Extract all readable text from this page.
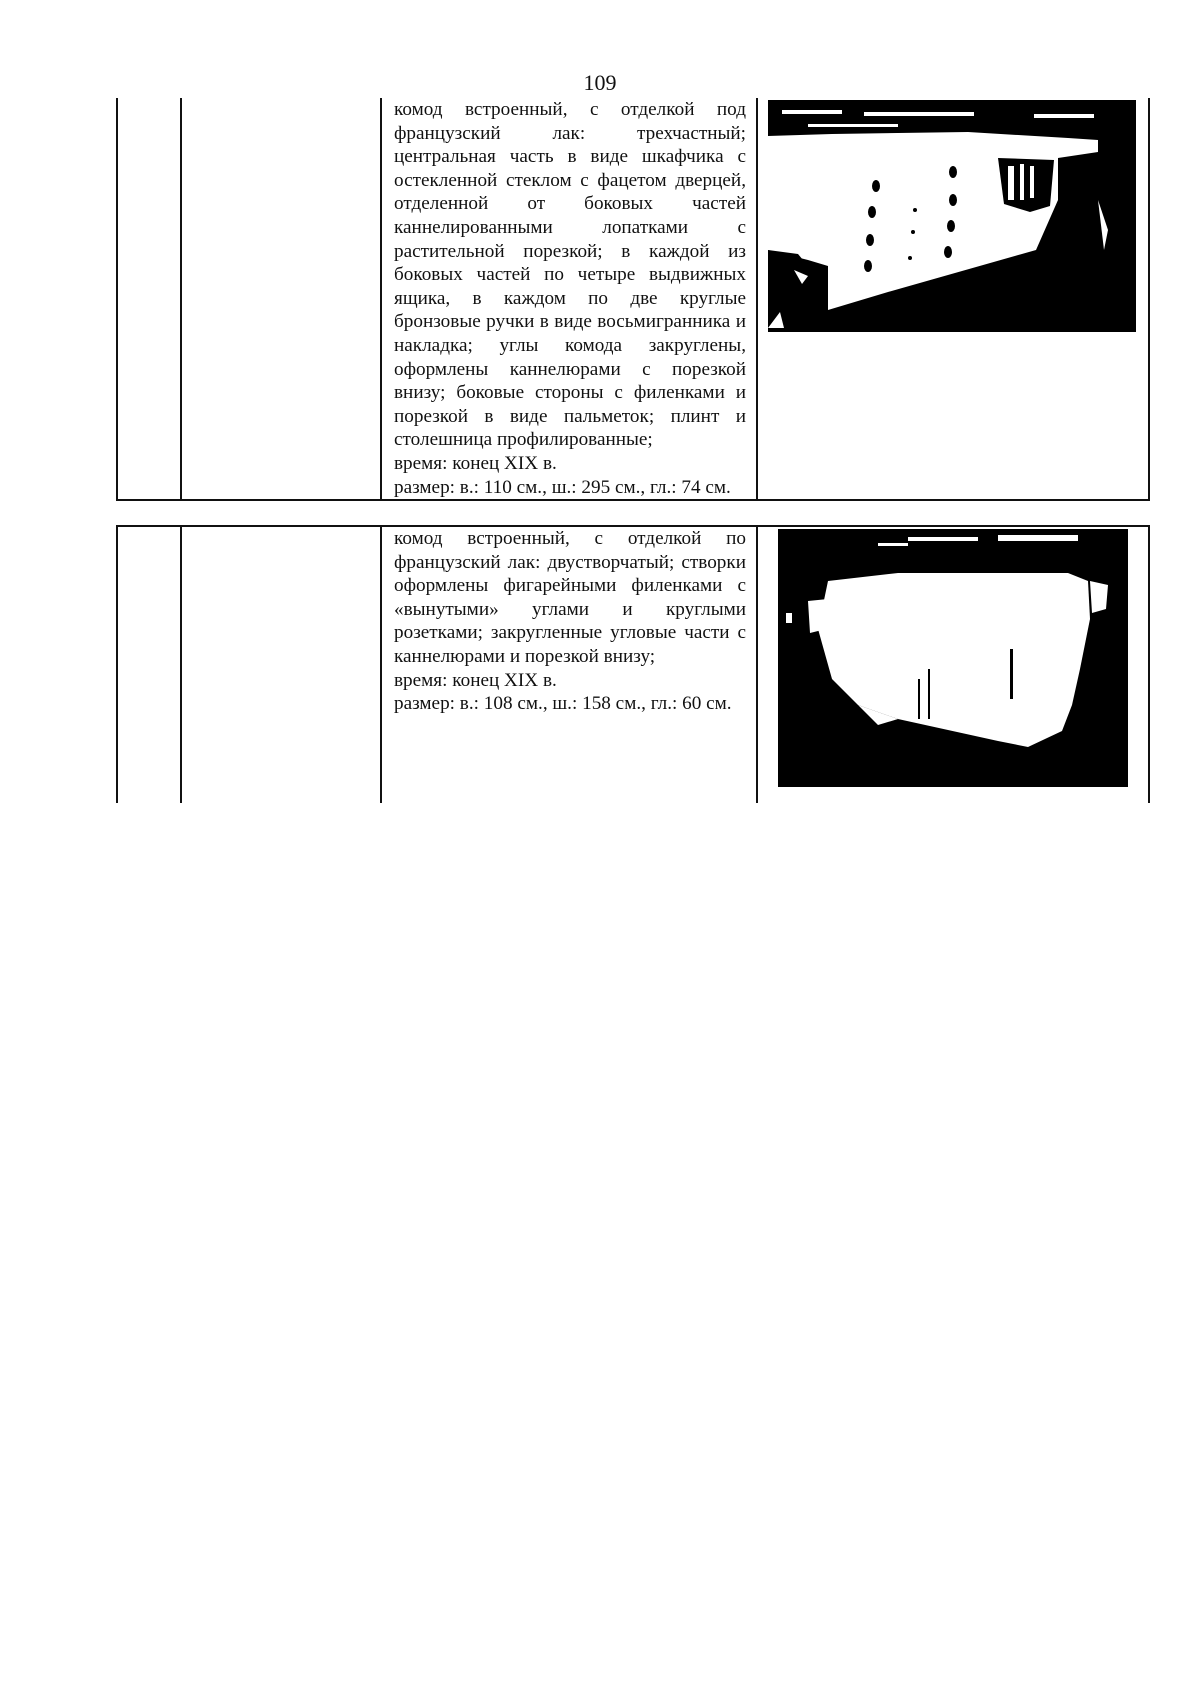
109

комод встроенный, с отделкой под французский лак: трехчастный; центральная часть в виде шкафчика с остекленной стеклом с фацетом дверцей, отделенной от боковых частей каннелированными лопатками с растительной порезкой; в каждой из боковых частей по четыре выдвижных ящика, в каждом по две круглые бронзовые ручки в виде восьмигранника и накладка; углы комода закруглены, оформлены каннелюрами с порезкой внизу; боковые стороны с филенками и порезкой в виде пальметок; плинт и столешница профилированные;
время: конец XIX в.
размер: в.: 110 см., ш.: 295 см., гл.: 74 см.

комод встроенный, с отделкой по французский лак: двустворчатый; створки оформлены фигарейными филенками с «вынутыми» углами и круглыми розетками; закругленные угловые части с каннелюрами и порезкой внизу;
время: конец XIX в.
размер: в.: 108 см., ш.: 158 см., гл.: 60 см.
